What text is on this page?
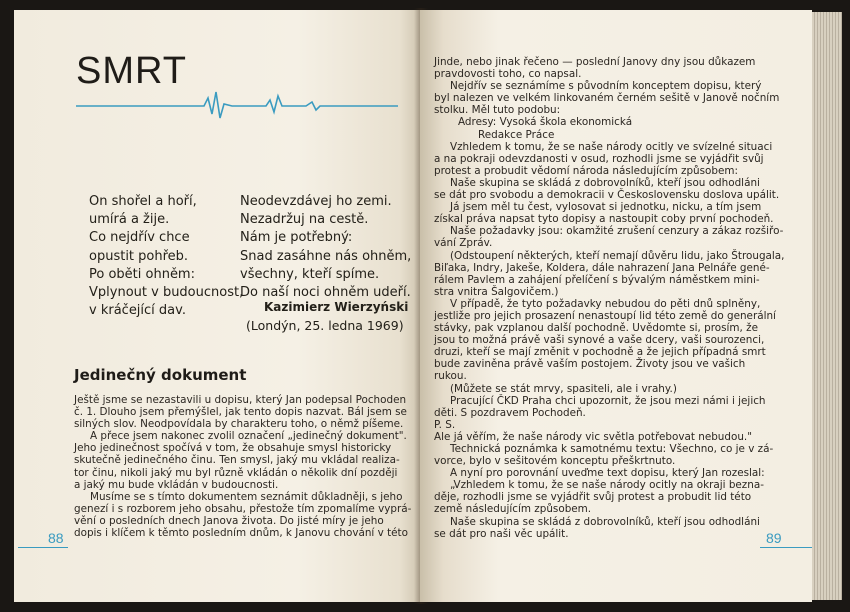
SMRT
On shořel a hoří,
umírá a žije.
Co nejdřív chce
opustit pohřeb.
Po oběti ohněm:
Vplynout v budoucnost,
v kráčející dav.
Neodevzdávej ho zemi.
Nezadržuj na cestě.
Nám je potřebný:
Snad zasáhne nás ohněm,
všechny, kteří spíme.
Do naší noci ohněm udeří.
Kazimierz Wierzyński
(Londýn, 25. ledna 1969)
Jedinečný dokument
Ještě jsme se nezastavili u dopisu, který Jan podepsal Pochoden
č. 1. Dlouho jsem přemýšlel, jak tento dopis nazvat. Bál jsem se
silných slov. Neodpovídala by charakteru toho, o němž píšeme.
A přece jsem nakonec zvolil označení „jedinečný dokument".
Jeho jedinečnost spočívá v tom, že obsahuje smysl historicky
skutečně jedinečného činu. Ten smysl, jaký mu vkládal realiza-
tor činu, nikoli jaký mu byl různě vkládán o několik dní později
a jaký mu bude vkládán v budoucnosti.
Musíme se s tímto dokumentem seznámit důkladněji, s jeho
genezí i s rozborem jeho obsahu, přestože tím zpomalíme vyprá-
vění o posledních dnech Janova života. Do jisté míry je jeho
dopis i klíčem k těmto posledním dnům, k Janovu chování v této
88
Jinde, nebo jinak řečeno — poslední Janovy dny jsou důkazem
pravdovosti toho, co napsal.
Nejdřív se seznámíme s původním konceptem dopisu, který
byl nalezen ve velkém linkovaném černém sešitě v Janově nočním
stolku. Měl tuto podobu:
Adresy: Vysoká škola ekonomická
Redakce Práce
Vzhledem k tomu, že se naše národy ocitly ve svízelné situaci
a na pokraji odevzdanosti v osud, rozhodli jsme se vyjádřit svůj
protest a probudit vědomí národa následujícím způsobem:
Naše skupina se skládá z dobrovolníků, kteří jsou odhodláni
se dát pro svobodu a demokracii v Československu doslova upálit.
Já jsem měl tu čest, vylosovat si jednotku, nicku, a tím jsem
získal práva napsat tyto dopisy a nastoupit coby první pochodeň.
Naše požadavky jsou: okamžité zrušení cenzury a zákaz rozšiřo-
vání Zpráv.
(Odstoupení některých, kteří nemají důvěru lidu, jako Štrougala,
Biľaka, Indry, Jakeše, Koldera, dále nahrazení Jana Pelnáře gené-
rálem Pavlem a zahájení přelíčení s bývalým náměstkem mini-
stra vnitra Šalgovičem.)
V případě, že tyto požadavky nebudou do pěti dnů splněny,
jestliže pro jejich prosazení nenastoupí lid této země do generální
stávky, pak vzplanou další pochodně. Uvědomte si, prosím, že
jsou to možná právě vaši synové a vaše dcery, vaši sourozenci,
druzi, kteří se mají změnit v pochodně a že jejich případná smrt
bude zaviněna právě vaším postojem. Životy jsou ve vašich
rukou.
(Můžete se stát mrvy, spasiteli, ale i vrahy.)
Pracující ČKD Praha chci upozornit, že jsou mezi námi i jejich
děti. S pozdravem Pochodeň.
P. S.
Ale já věřím, že naše národy vic světla potřebovat nebudou."
Technická poznámka k samotnému textu: Všechno, co je v zá-
vorce, bylo v sešitovém konceptu přeškrtnuto.
A nyní pro porovnání uveďme text dopisu, který Jan rozeslal:
„Vzhledem k tomu, že se naše národy ocitly na okraji bezna-
děje, rozhodli jsme se vyjádřit svůj protest a probudit lid této
země následujícím způsobem.
Naše skupina se skládá z dobrovolníků, kteří jsou odhodláni
se dát pro naši věc upálit.	89
